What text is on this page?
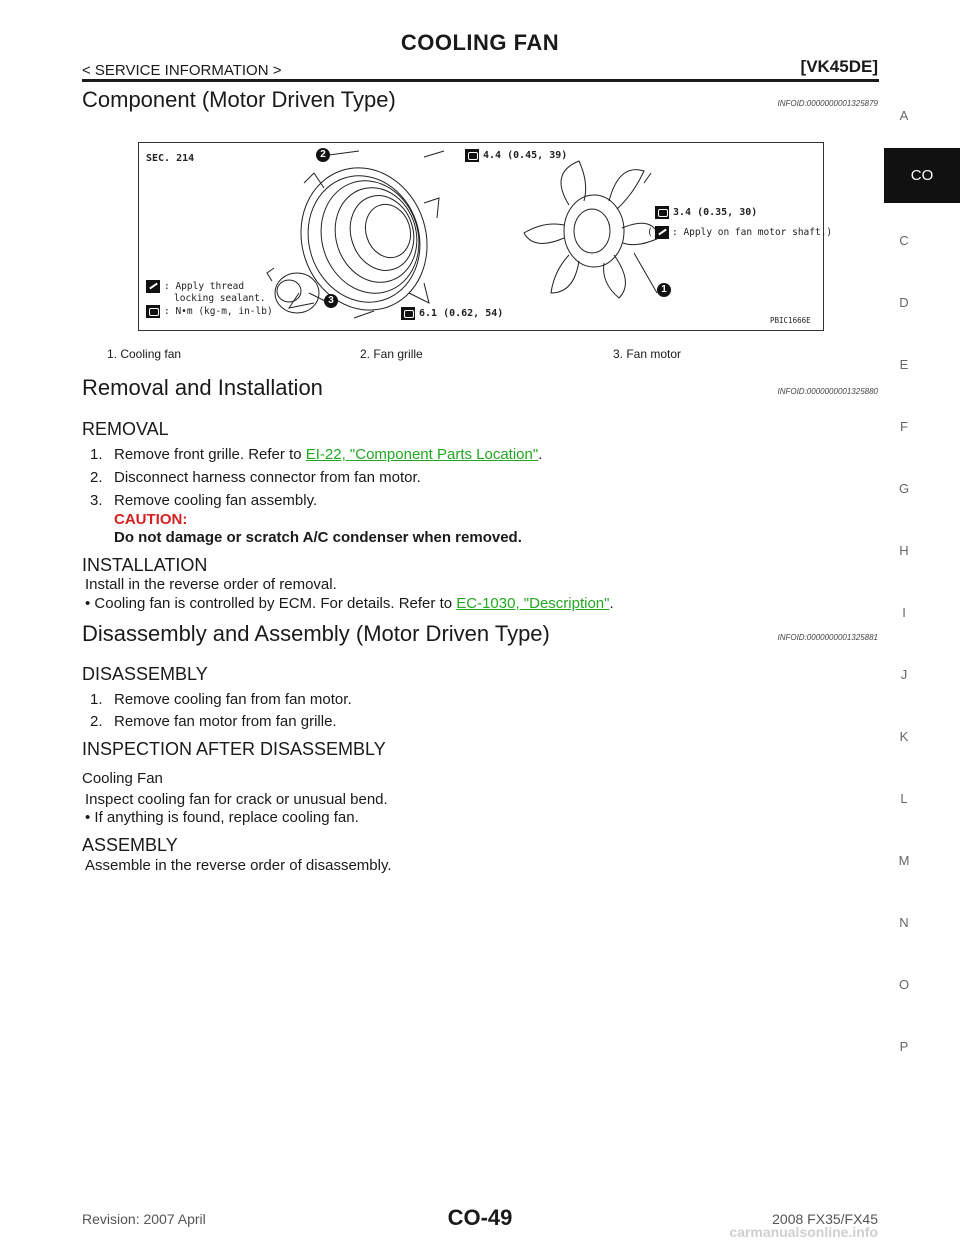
COOLING FAN
< SERVICE INFORMATION >	[VK45DE]
A
CO
C
D
E
F
G
H
I
J
K
L
M
N
O
P
Component (Motor Driven Type)	INFOID:0000000001325879
SEC. 214	2
3
1
4.4 (0.45, 39)
3.4 (0.35, 30)
( : Apply on fan motor shaft.)
6.1 (0.62, 54)
: Apply thread
locking sealant.
: N•m (kg-m, in-lb)
PBIC1666E
1. Cooling fan	2. Fan grille	3. Fan motor
Removal and Installation	INFOID:0000000001325880
REMOVAL
1. Remove front grille. Refer to EI-22, "Component Parts Location".
2. Disconnect harness connector from fan motor.
3. Remove cooling fan assembly.
CAUTION:
Do not damage or scratch A/C condenser when removed.
INSTALLATION
Install in the reverse order of removal.
• Cooling fan is controlled by ECM. For details. Refer to EC-1030, "Description".
Disassembly and Assembly (Motor Driven Type)	INFOID:0000000001325881
DISASSEMBLY
1. Remove cooling fan from fan motor.
2. Remove fan motor from fan grille.
INSPECTION AFTER DISASSEMBLY
Cooling Fan
Inspect cooling fan for crack or unusual bend.
• If anything is found, replace cooling fan.
ASSEMBLY
Assemble in the reverse order of disassembly.
Revision: 2007 April	CO-49	2008 FX35/FX45
carmanualsonline.info
